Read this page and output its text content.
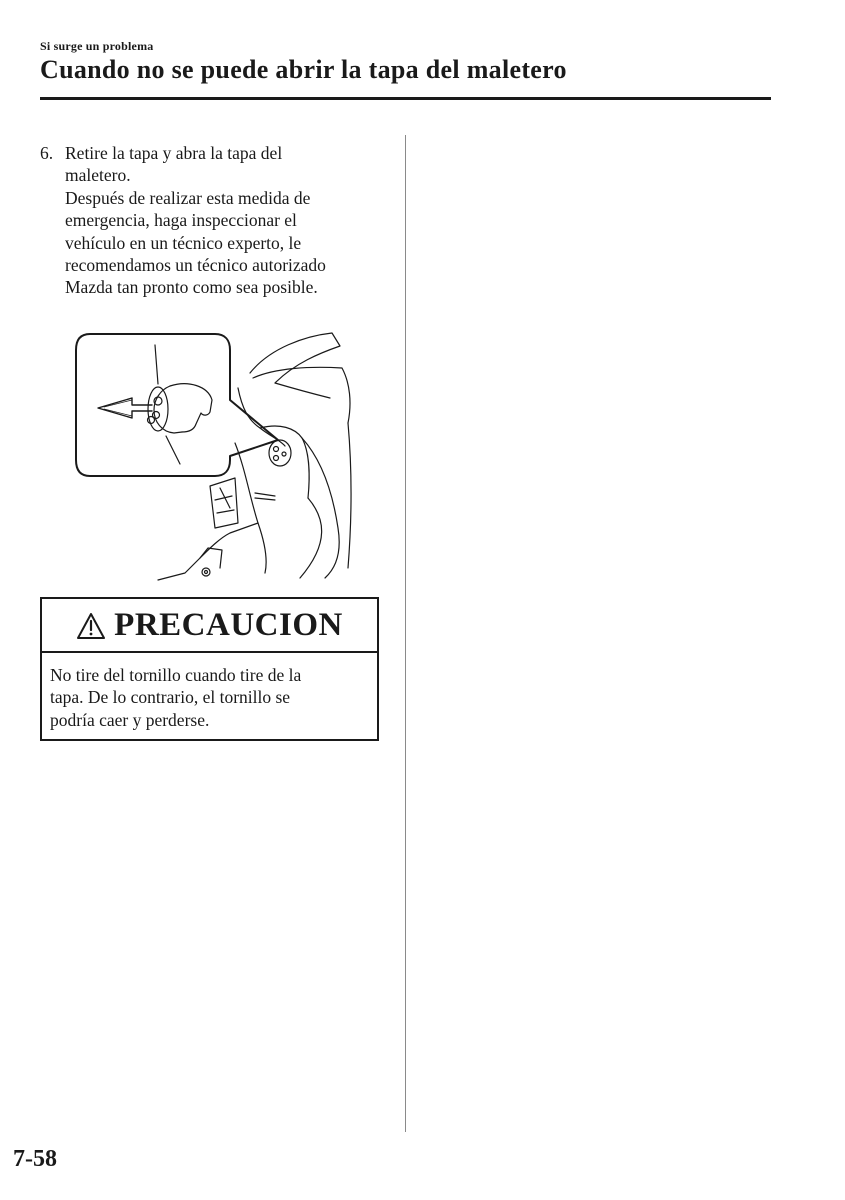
Si surge un problema
Cuando no se puede abrir la tapa del maletero
6. Retire la tapa y abra la tapa del
maletero.
Después de realizar esta medida de
emergencia, haga inspeccionar el
vehículo en un técnico experto, le
recomendamos un técnico autorizado
Mazda tan pronto como sea posible.
PRECAUCION
No tire del tornillo cuando tire de la
tapa. De lo contrario, el tornillo se
podría caer y perderse.
7-58
